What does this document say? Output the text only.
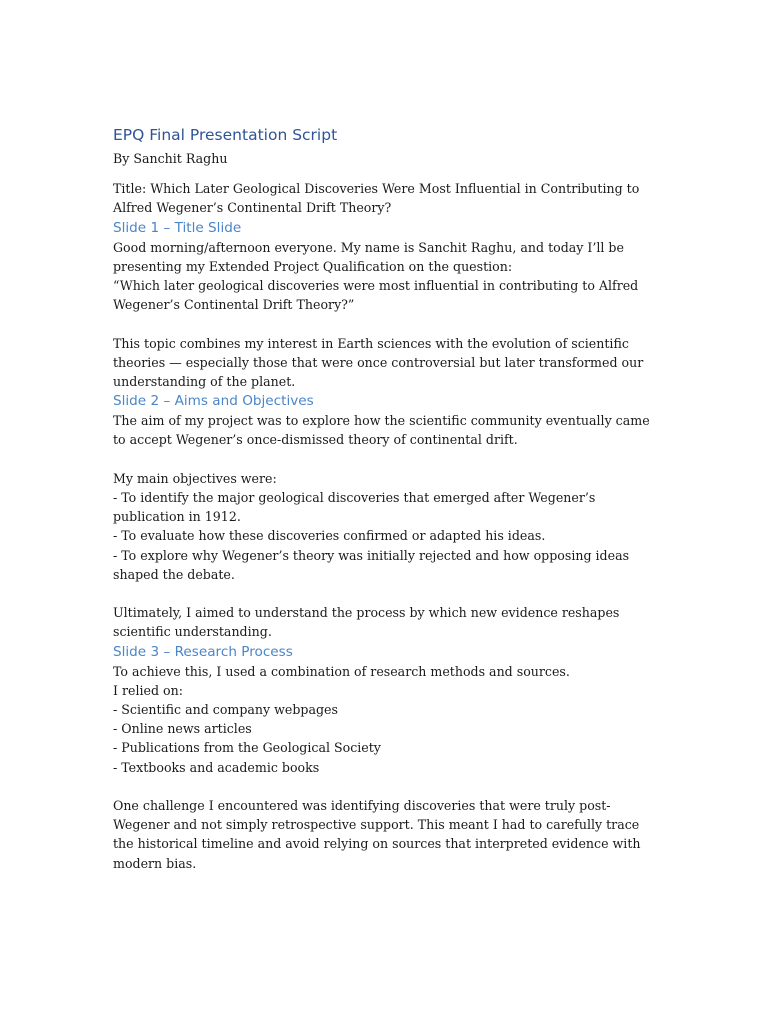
EPQ Final Presentation Script

By Sanchit Raghu

Title: Which Later Geological Discoveries Were Most Influential in Contributing to Alfred Wegener’s Continental Drift Theory?

Slide 1 – Title Slide

Good morning/afternoon everyone. My name is Sanchit Raghu, and today I’ll be presenting my Extended Project Qualification on the question:
“Which later geological discoveries were most influential in contributing to Alfred Wegener’s Continental Drift Theory?”

This topic combines my interest in Earth sciences with the evolution of scientific theories — especially those that were once controversial but later transformed our understanding of the planet.

Slide 2 – Aims and Objectives

The aim of my project was to explore how the scientific community eventually came to accept Wegener’s once-dismissed theory of continental drift.

My main objectives were:
- To identify the major geological discoveries that emerged after Wegener’s publication in 1912.
- To evaluate how these discoveries confirmed or adapted his ideas.
- To explore why Wegener’s theory was initially rejected and how opposing ideas shaped the debate.

Ultimately, I aimed to understand the process by which new evidence reshapes scientific understanding.

Slide 3 – Research Process

To achieve this, I used a combination of research methods and sources.
I relied on:
- Scientific and company webpages
- Online news articles
- Publications from the Geological Society
- Textbooks and academic books

One challenge I encountered was identifying discoveries that were truly post-Wegener and not simply retrospective support. This meant I had to carefully trace the historical timeline and avoid relying on sources that interpreted evidence with modern bias.
